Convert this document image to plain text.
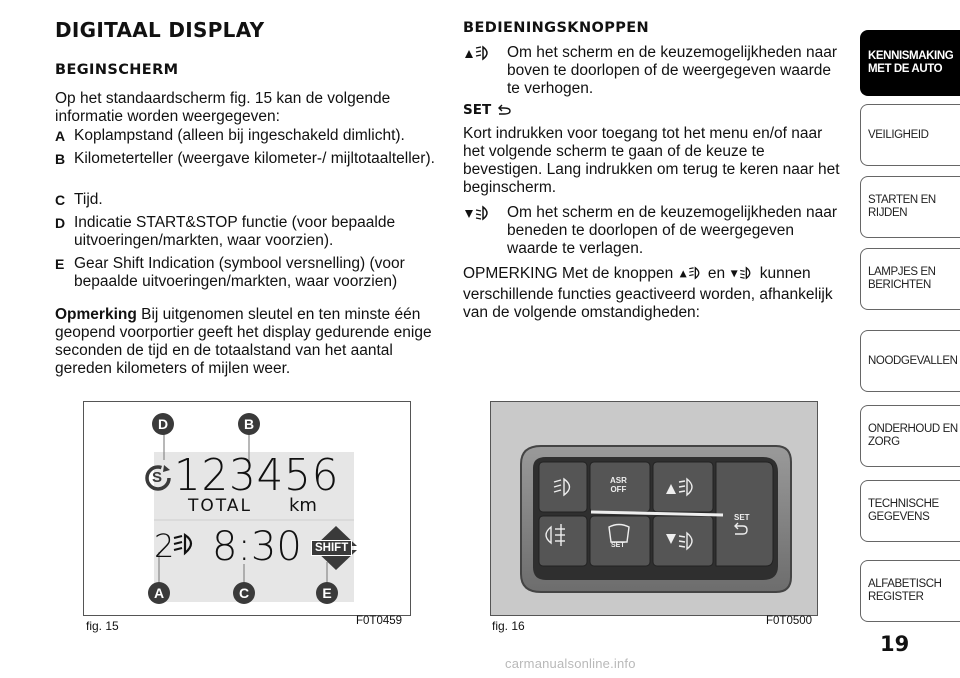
DIGITAAL DISPLAY
BEGINSCHERM
Op het standaardscherm fig. 15 kan de volgende informatie worden weergegeven:
A Koplampstand (alleen bij ingeschakeld dimlicht).
B Kilometerteller (weergave kilometer-/ mijltotaalteller).
C Tijd.
D Indicatie START&STOP functie (voor bepaalde uitvoeringen/markten, waar voorzien).
E Gear Shift Indication (symbool versnelling) (voor bepaalde uitvoeringen/markten, waar voorzien)
Opmerking Bij uitgenomen sleutel en ten minste één geopend voorportier geeft het display gedurende enige seconden de tijd en de totaalstand van het aantal gereden kilometers of mijlen weer.
BEDIENINGSKNOPPEN
Om het scherm en de keuzemogelijkheden naar boven te doorlopen of de weergegeven waarde te verhogen.
SET
Kort indrukken voor toegang tot het menu en/of naar het volgende scherm te gaan of de keuze te bevestigen. Lang indrukken om terug te keren naar het beginscherm.
Om het scherm en de keuzemogelijkheden naar beneden te doorlopen of de weergegeven waarde te verlagen.
OPMERKING Met de knoppen en kunnen verschillende functies geactiveerd worden, afhankelijk van de volgende omstandigheden:
123456
TOTAL km
2 8:30	SHIFT
S
D	B
A	C	E
fig. 15	F0T0459
ASR
OFF
SET
SET
fig. 16	F0T0500
KENNISMAKING MET DE AUTO
VEILIGHEID
STARTEN EN RIJDEN
LAMPJES EN BERICHTEN
NOODGEVALLEN
ONDERHOUD EN ZORG
TECHNISCHE GEGEVENS
ALFABETISCH REGISTER
19
carmanualsonline.info
